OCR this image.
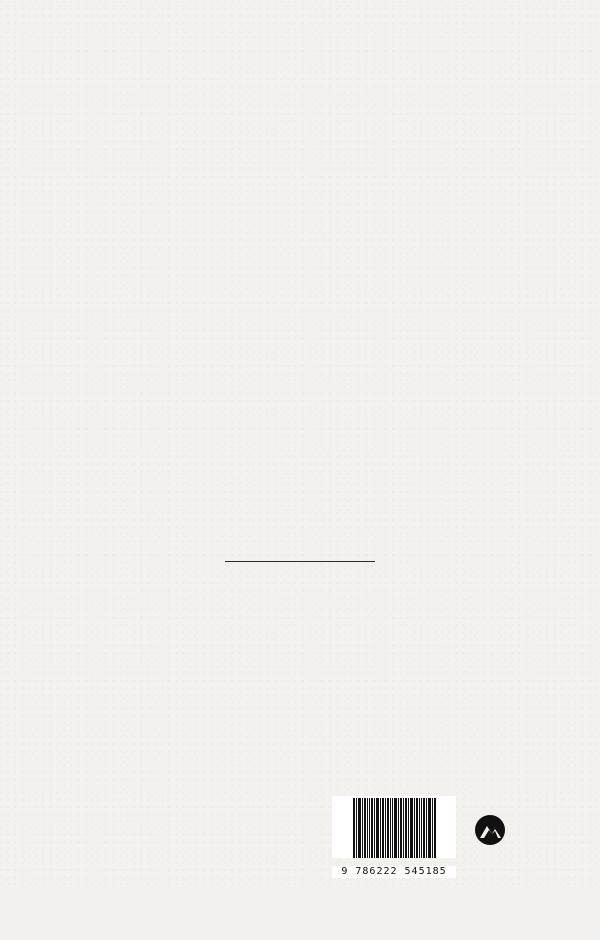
9 786222 545185
